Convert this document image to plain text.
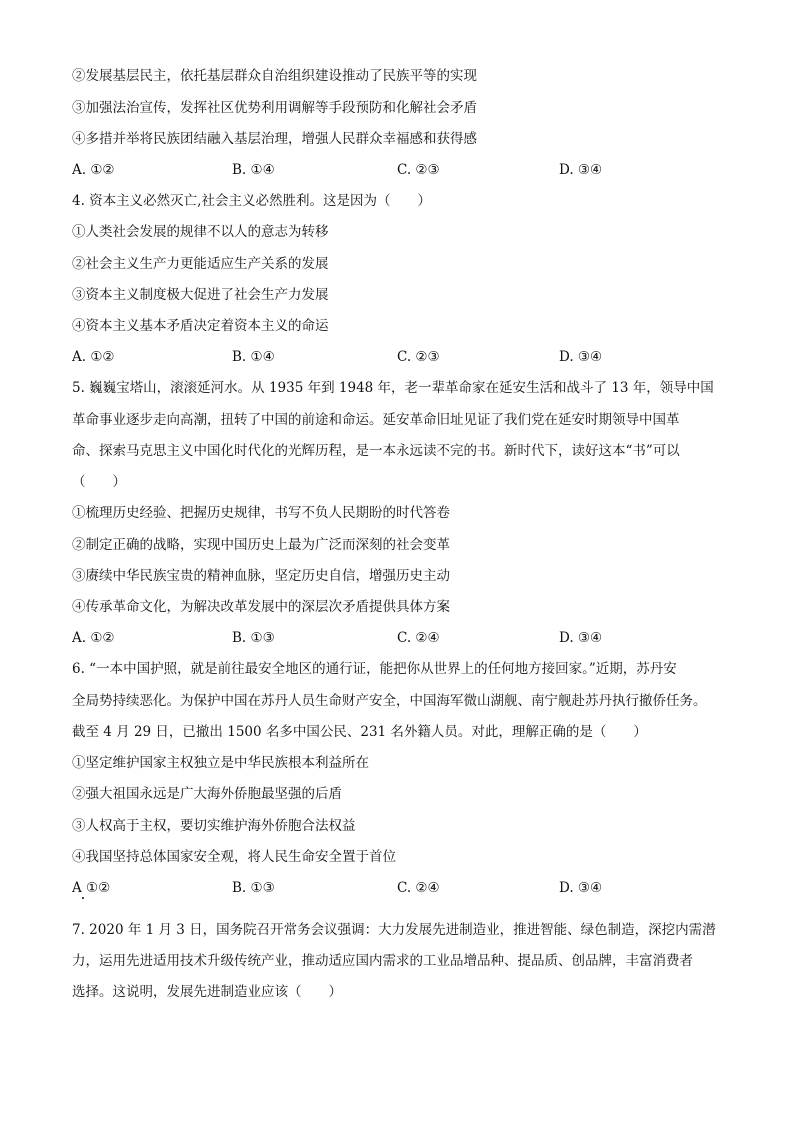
②发展基层民主，依托基层群众自治组织建设推动了民族平等的实现
③加强法治宣传，发挥社区优势利用调解等手段预防和化解社会矛盾
④多措并举将民族团结融入基层治理，增强人民群众幸福感和获得感
A. ①②	B. ①④	C. ②③	D. ③④
4. 资本主义必然灭亡,社会主义必然胜利。这是因为（　　）
①人类社会发展的规律不以人的意志为转移
②社会主义生产力更能适应生产关系的发展
③资本主义制度极大促进了社会生产力发展
④资本主义基本矛盾决定着资本主义的命运
A. ①②	B. ①④	C. ②③	D. ③④
5. 巍巍宝塔山，滚滚延河水。从 1935 年到 1948 年，老一辈革命家在延安生活和战斗了 13 年，领导中国
革命事业逐步走向高潮，扭转了中国的前途和命运。延安革命旧址见证了我们党在延安时期领导中国革
命、探索马克思主义中国化时代化的光辉历程，是一本永远读不完的书。新时代下，读好这本“书”可以
（　　）
①梳理历史经验、把握历史规律，书写不负人民期盼的时代答卷
②制定正确的战略，实现中国历史上最为广泛而深刻的社会变革
③赓续中华民族宝贵的精神血脉，坚定历史自信，增强历史主动
④传承革命文化，为解决改革发展中的深层次矛盾提供具体方案
A. ①②	B. ①③	C. ②④	D. ③④
6. “一本中国护照，就是前往最安全地区的通行证，能把你从世界上的任何地方接回家。”近期，苏丹安
全局势持续恶化。为保护中国在苏丹人员生命财产安全，中国海军微山湖舰、南宁舰赴苏丹执行撤侨任务。
截至 4 月 29 日，已撤出 1500 名多中国公民、231 名外籍人员。对此，理解正确的是（　　）
①坚定维护国家主权独立是中华民族根本利益所在
②强大祖国永远是广大海外侨胞最坚强的后盾
③人权高于主权，要切实维护海外侨胞合法权益
④我国坚持总体国家安全观，将人民生命安全置于首位
A ①②	B. ①③	C. ②④	D. ③④
7. 2020 年 1 月 3 日，国务院召开常务会议强调：大力发展先进制造业，推进智能、绿色制造，深挖内需潜
力，运用先进适用技术升级传统产业，推动适应国内需求的工业品增品种、提品质、创品牌，丰富消费者
选择。这说明，发展先进制造业应该（　　）
